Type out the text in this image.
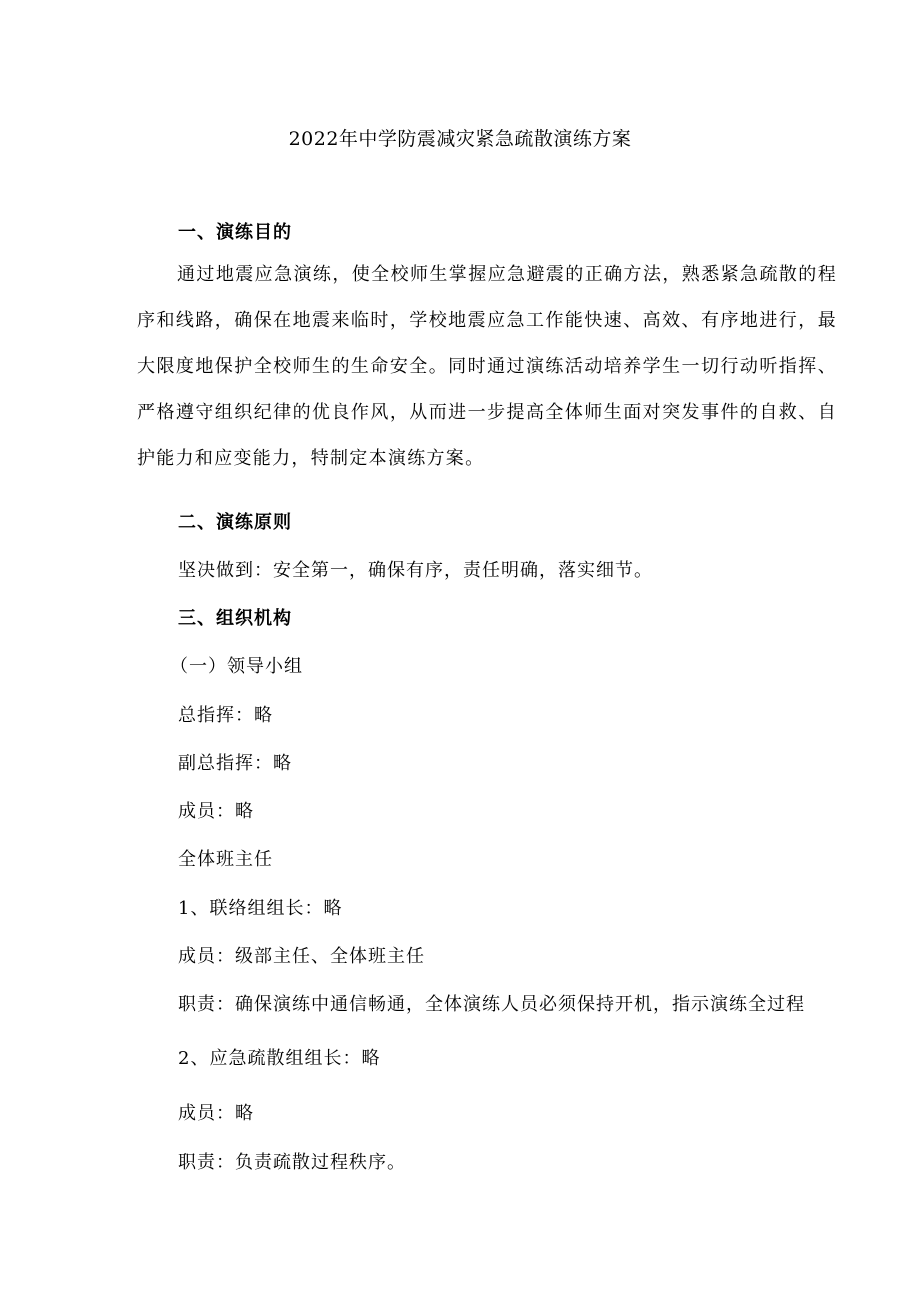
2022年中学防震减灾紧急疏散演练方案
一、演练目的

通过地震应急演练，使全校师生掌握应急避震的正确方法，熟悉紧急疏散的程序和线路，确保在地震来临时，学校地震应急工作能快速、高效、有序地进行，最大限度地保护全校师生的生命安全。同时通过演练活动培养学生一切行动听指挥、严格遵守组织纪律的优良作风，从而进一步提高全体师生面对突发事件的自救、自护能力和应变能力，特制定本演练方案。

二、演练原则
坚决做到：安全第一，确保有序，责任明确，落实细节。
三、组织机构
（一）领导小组
总指挥：略
副总指挥：略
成员：略
全体班主任
1、联络组组长：略
成员：级部主任、全体班主任
职责：确保演练中通信畅通，全体演练人员必须保持开机，指示演练全过程
2、应急疏散组组长：略
成员：略
职责：负责疏散过程秩序。
